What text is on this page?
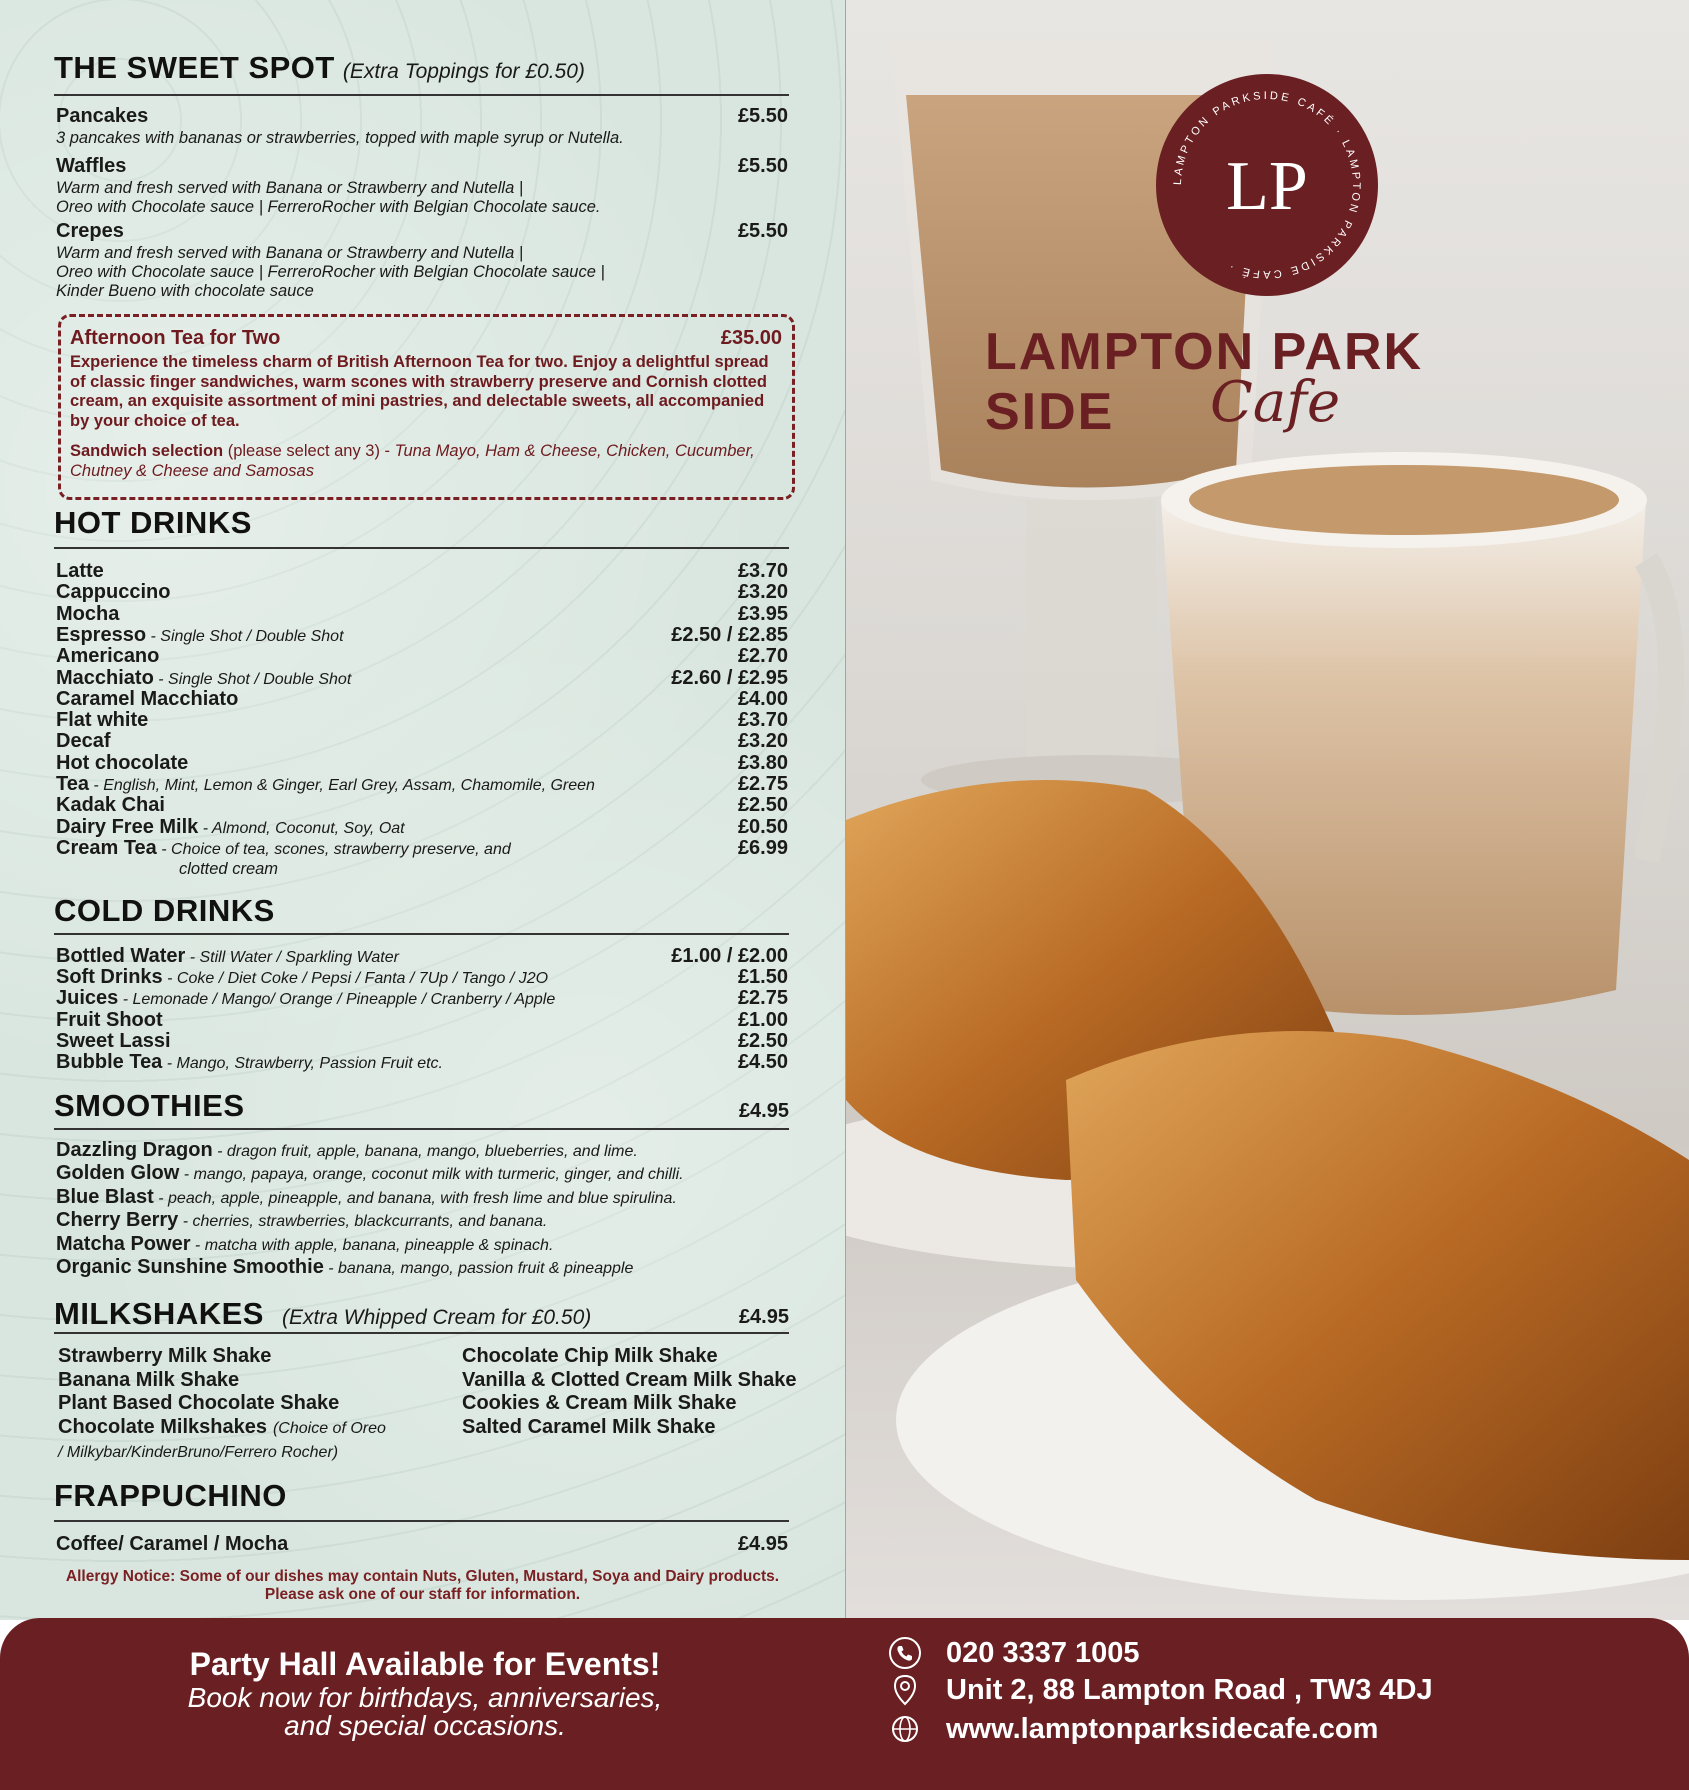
THE SWEET SPOT (Extra Toppings for £0.50)
Pancakes	£5.50
3 pancakes with bananas or strawberries, topped with maple syrup or Nutella.
Waffles	£5.50
Warm and fresh served with Banana or Strawberry and Nutella |
Oreo with Chocolate sauce | FerreroRocher with Belgian Chocolate sauce.
Crepes	£5.50
Warm and fresh served with Banana or Strawberry and Nutella |
Oreo with Chocolate sauce | FerreroRocher with Belgian Chocolate sauce |
Kinder Bueno with chocolate sauce
Afternoon Tea for Two	£35.00
Experience the timeless charm of British Afternoon Tea for two. Enjoy a delightful spread of classic finger sandwiches, warm scones with strawberry preserve and Cornish clotted cream, an exquisite assortment of mini pastries, and delectable sweets, all accompanied by your choice of tea.
Sandwich selection (please select any 3) - Tuna Mayo, Ham & Cheese, Chicken, Cucumber, Chutney & Cheese and Samosas
HOT DRINKS
Latte	£3.70
Cappuccino	£3.20
Mocha	£3.95
Espresso - Single Shot / Double Shot	£2.50 / £2.85
Americano	£2.70
Macchiato - Single Shot / Double Shot	£2.60 / £2.95
Caramel Macchiato	£4.00
Flat white	£3.70
Decaf	£3.20
Hot chocolate	£3.80
Tea - English, Mint, Lemon & Ginger, Earl Grey, Assam, Chamomile, Green	£2.75
Kadak Chai	£2.50
Dairy Free Milk - Almond, Coconut, Soy, Oat	£0.50
Cream Tea - Choice of tea, scones, strawberry preserve, and	£6.99
clotted cream
COLD DRINKS
Bottled Water - Still Water / Sparkling Water	£1.00 / £2.00
Soft Drinks - Coke / Diet Coke / Pepsi / Fanta / 7Up / Tango / J2O	£1.50
Juices - Lemonade / Mango/ Orange / Pineapple / Cranberry / Apple	£2.75
Fruit Shoot	£1.00
Sweet Lassi	£2.50
Bubble Tea - Mango, Strawberry, Passion Fruit etc.	£4.50
SMOOTHIES	£4.95
Dazzling Dragon - dragon fruit, apple, banana, mango, blueberries, and lime.
Golden Glow - mango, papaya, orange, coconut milk with turmeric, ginger, and chilli.
Blue Blast - peach, apple, pineapple, and banana, with fresh lime and blue spirulina.
Cherry Berry - cherries, strawberries, blackcurrants, and banana.
Matcha Power - matcha with apple, banana, pineapple & spinach.
Organic Sunshine Smoothie - banana, mango, passion fruit & pineapple
MILKSHAKES (Extra Whipped Cream for £0.50)	£4.95
Strawberry Milk Shake
Banana Milk Shake
Plant Based Chocolate Shake
Chocolate Milkshakes (Choice of Oreo
Chocolate Chip Milk Shake
Vanilla & Clotted Cream Milk Shake
Cookies & Cream Milk Shake
Salted Caramel Milk Shake
/ Milkybar/KinderBruno/Ferrero Rocher)
FRAPPUCHINO
Coffee/ Caramel / Mocha	£4.95
Allergy Notice: Some of our dishes may contain Nuts, Gluten, Mustard, Soya and Dairy products.
Please ask one of our staff for information.
LAMPTON PARKSIDE CAFÉ · LAMPTON PARKSIDE CAFÉ ·
LP
LAMPTON PARK SIDE	Cafe
Party Hall Available for Events!
Book now for birthdays, anniversaries,
and special occasions.
020 3337 1005
Unit 2, 88 Lampton Road , TW3 4DJ
www.lamptonparksidecafe.com
